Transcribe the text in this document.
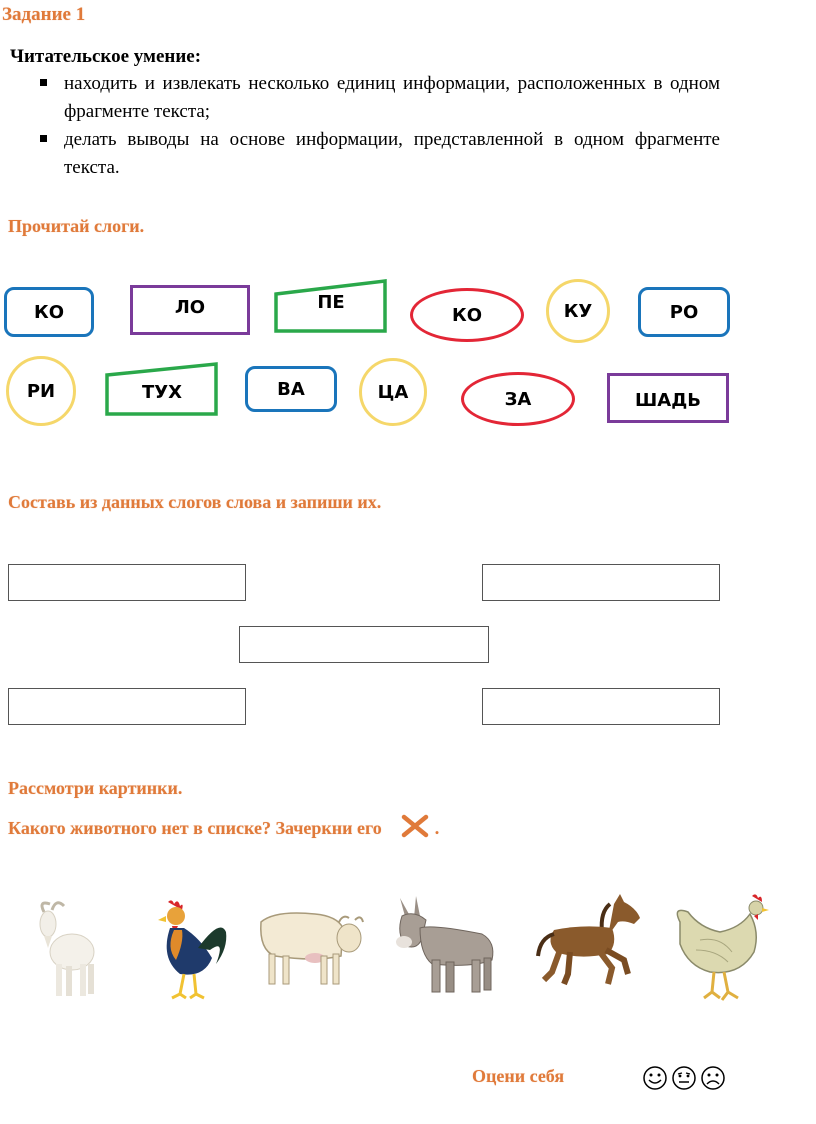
Задание 1
Читательское умение:
находить и извлекать несколько единиц информации, расположенных в одном фрагменте текста;
делать выводы на основе информации, представленной в одном фрагменте текста.
Прочитай слоги.
КО	ЛО	ПЕ
КО	КУ	РО
РИ	ТУХ	ВА	ЦА	ЗА	ШАДЬ
Составь из данных слогов слова и запиши их.
Рассмотри картинки.
Какого животного нет в списке? Зачеркни его	.
Оцени себя
